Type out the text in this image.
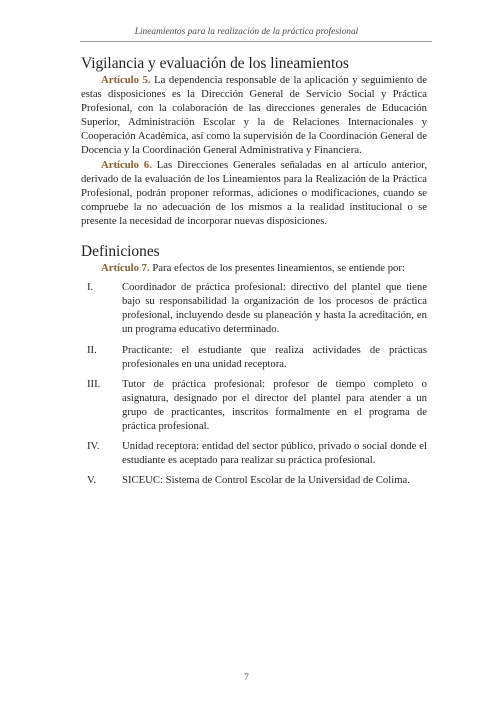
Lineamientos para la realización de la práctica profesional
Vigilancia y evaluación de los lineamientos

Artículo 5. La dependencia responsable de la aplicación y seguimiento de estas disposiciones es la Dirección General de Servicio Social y Práctica Profesional, con la colaboración de las direcciones generales de Educación Superior, Administración Escolar y la de Relaciones Internacionales y Cooperación Académica, así como la supervisión de la Coordinación General de Docencia y la Coordinación General Administrativa y Financiera.

Artículo 6. Las Direcciones Generales señaladas en al artículo anterior, derivado de la evaluación de los Lineamientos para la Realización de la Práctica Profesional, podrán proponer reformas, adiciones o modificaciones, cuando se compruebe la no adecuación de los mismos a la realidad institucional o se presente la necesidad de incorporar nuevas disposiciones.

Definiciones

Artículo 7. Para efectos de los presentes lineamientos, se entiende por:

I.	Coordinador de práctica profesional: directivo del plantel que tiene bajo su responsabilidad la organización de los procesos de práctica profesional, incluyendo desde su planeación y hasta la acreditación, en un programa educativo determinado.
II. Practicante: el estudiante que realiza actividades de prácticas profesionales en una unidad receptora.
III. Tutor de práctica profesional: profesor de tiempo completo o asignatura, designado por el director del plantel para atender a un grupo de practicantes, inscritos formalmente en el programa de práctica profesional.
IV. Unidad receptora: entidad del sector público, privado o social donde el estudiante es aceptado para realizar su práctica profesional.
V. SICEUC: Sistema de Control Escolar de la Universidad de Colima.
7
